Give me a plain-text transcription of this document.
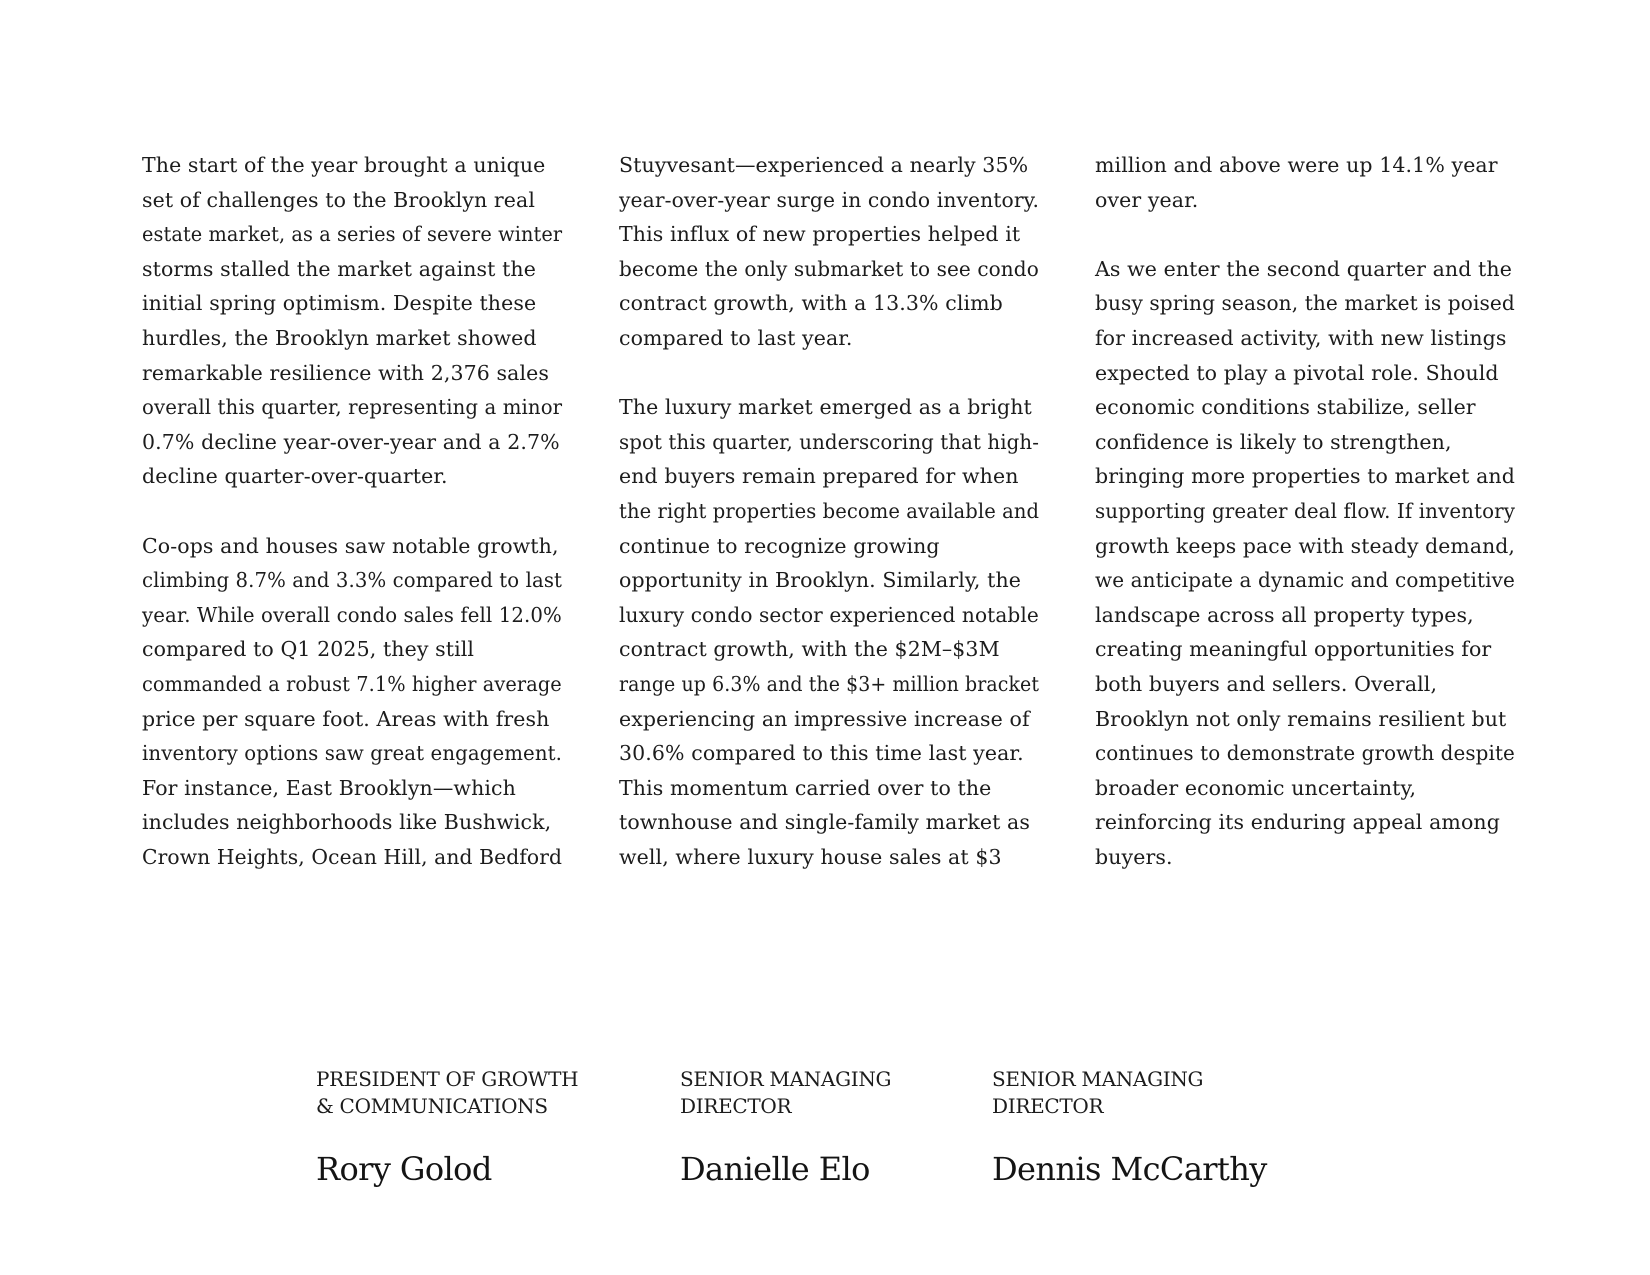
The start of the year brought a unique
set of challenges to the Brooklyn real
estate market, as a series of severe winter
storms stalled the market against the
initial spring optimism. Despite these
hurdles, the Brooklyn market showed
remarkable resilience with 2,376 sales
overall this quarter, representing a minor
0.7% decline year-over-year and a 2.7%
decline quarter-over-quarter.
Co-ops and houses saw notable growth,
climbing 8.7% and 3.3% compared to last
year. While overall condo sales fell 12.0%
compared to Q1 2025, they still
commanded a robust 7.1% higher average
price per square foot. Areas with fresh
inventory options saw great engagement.
For instance, East Brooklyn—which
includes neighborhoods like Bushwick,
Crown Heights, Ocean Hill, and Bedford
Stuyvesant—experienced a nearly 35%
year-over-year surge in condo inventory.
This influx of new properties helped it
become the only submarket to see condo
contract growth, with a 13.3% climb
compared to last year.
The luxury market emerged as a bright
spot this quarter, underscoring that high-
end buyers remain prepared for when
the right properties become available and
continue to recognize growing
opportunity in Brooklyn. Similarly, the
luxury condo sector experienced notable
contract growth, with the $2M–$3M
range up 6.3% and the $3+ million bracket
experiencing an impressive increase of
30.6% compared to this time last year.
This momentum carried over to the
townhouse and single-family market as
well, where luxury house sales at $3
million and above were up 14.1% year
over year.
As we enter the second quarter and the
busy spring season, the market is poised
for increased activity, with new listings
expected to play a pivotal role. Should
economic conditions stabilize, seller
confidence is likely to strengthen,
bringing more properties to market and
supporting greater deal flow. If inventory
growth keeps pace with steady demand,
we anticipate a dynamic and competitive
landscape across all property types,
creating meaningful opportunities for
both buyers and sellers. Overall,
Brooklyn not only remains resilient but
continues to demonstrate growth despite
broader economic uncertainty,
reinforcing its enduring appeal among
buyers.
PRESIDENT OF GROWTH
& COMMUNICATIONS
Rory Golod
SENIOR MANAGING
DIRECTOR
Danielle Elo
SENIOR MANAGING
DIRECTOR
Dennis McCarthy
